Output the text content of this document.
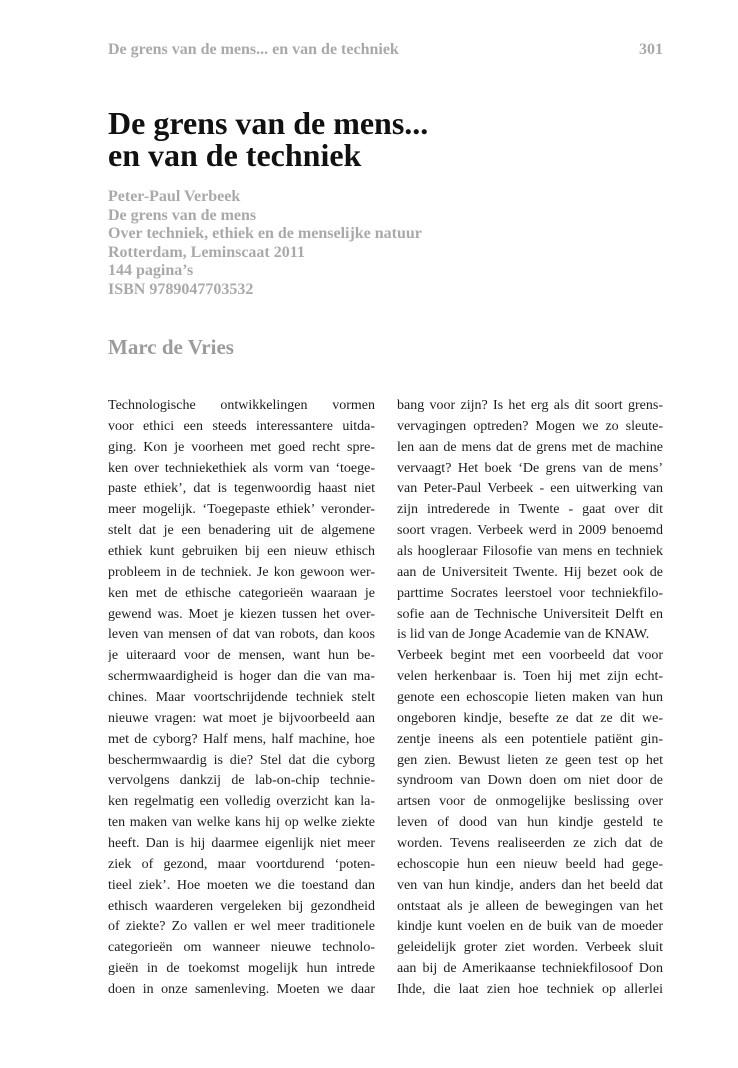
De grens van de mens... en van de techniek	301
De grens van de mens...
en van de techniek
Peter-Paul Verbeek
De grens van de mens
Over techniek, ethiek en de menselijke natuur
Rotterdam, Leminscaat 2011
144 pagina’s
ISBN 9789047703532
Marc de Vries
Technologische ontwikkelingen vormen
voor ethici een steeds interessantere uitda-
ging. Kon je voorheen met goed recht spre-
ken over techniekethiek als vorm van ‘toege-
paste ethiek’, dat is tegenwoordig haast niet
meer mogelijk. ‘Toegepaste ethiek’ veronder-
stelt dat je een benadering uit de algemene
ethiek kunt gebruiken bij een nieuw ethisch
probleem in de techniek. Je kon gewoon wer-
ken met de ethische categorieën waaraan je
gewend was. Moet je kiezen tussen het over-
leven van mensen of dat van robots, dan koos
je uiteraard voor de mensen, want hun be-
schermwaardigheid is hoger dan die van ma-
chines. Maar voortschrijdende techniek stelt
nieuwe vragen: wat moet je bijvoorbeeld aan
met de cyborg? Half mens, half machine, hoe
beschermwaardig is die? Stel dat die cyborg
vervolgens dankzij de lab-on-chip technie-
ken regelmatig een volledig overzicht kan la-
ten maken van welke kans hij op welke ziekte
heeft. Dan is hij daarmee eigenlijk niet meer
ziek of gezond, maar voortdurend ‘poten-
tieel ziek’. Hoe moeten we die toestand dan
ethisch waarderen vergeleken bij gezondheid
of ziekte? Zo vallen er wel meer traditionele
categorieën om wanneer nieuwe technolo-
gieën in de toekomst mogelijk hun intrede
doen in onze samenleving. Moeten we daar
bang voor zijn? Is het erg als dit soort grens-
vervagingen optreden? Mogen we zo sleute-
len aan de mens dat de grens met de machine
vervaagt? Het boek ‘De grens van de mens’
van Peter-Paul Verbeek - een uitwerking van
zijn intrederede in Twente - gaat over dit
soort vragen. Verbeek werd in 2009 benoemd
als hoogleraar Filosofie van mens en techniek
aan de Universiteit Twente. Hij bezet ook de
parttime Socrates leerstoel voor techniekfilo-
sofie aan de Technische Universiteit Delft en
is lid van de Jonge Academie van de KNAW.
Verbeek begint met een voorbeeld dat voor
velen herkenbaar is. Toen hij met zijn echt-
genote een echoscopie lieten maken van hun
ongeboren kindje, besefte ze dat ze dit we-
zentje ineens als een potentiele patiënt gin-
gen zien. Bewust lieten ze geen test op het
syndroom van Down doen om niet door de
artsen voor de onmogelijke beslissing over
leven of dood van hun kindje gesteld te
worden. Tevens realiseerden ze zich dat de
echoscopie hun een nieuw beeld had gege-
ven van hun kindje, anders dan het beeld dat
ontstaat als je alleen de bewegingen van het
kindje kunt voelen en de buik van de moeder
geleidelijk groter ziet worden. Verbeek sluit
aan bij de Amerikaanse techniekfilosoof Don
Ihde, die laat zien hoe techniek op allerlei
